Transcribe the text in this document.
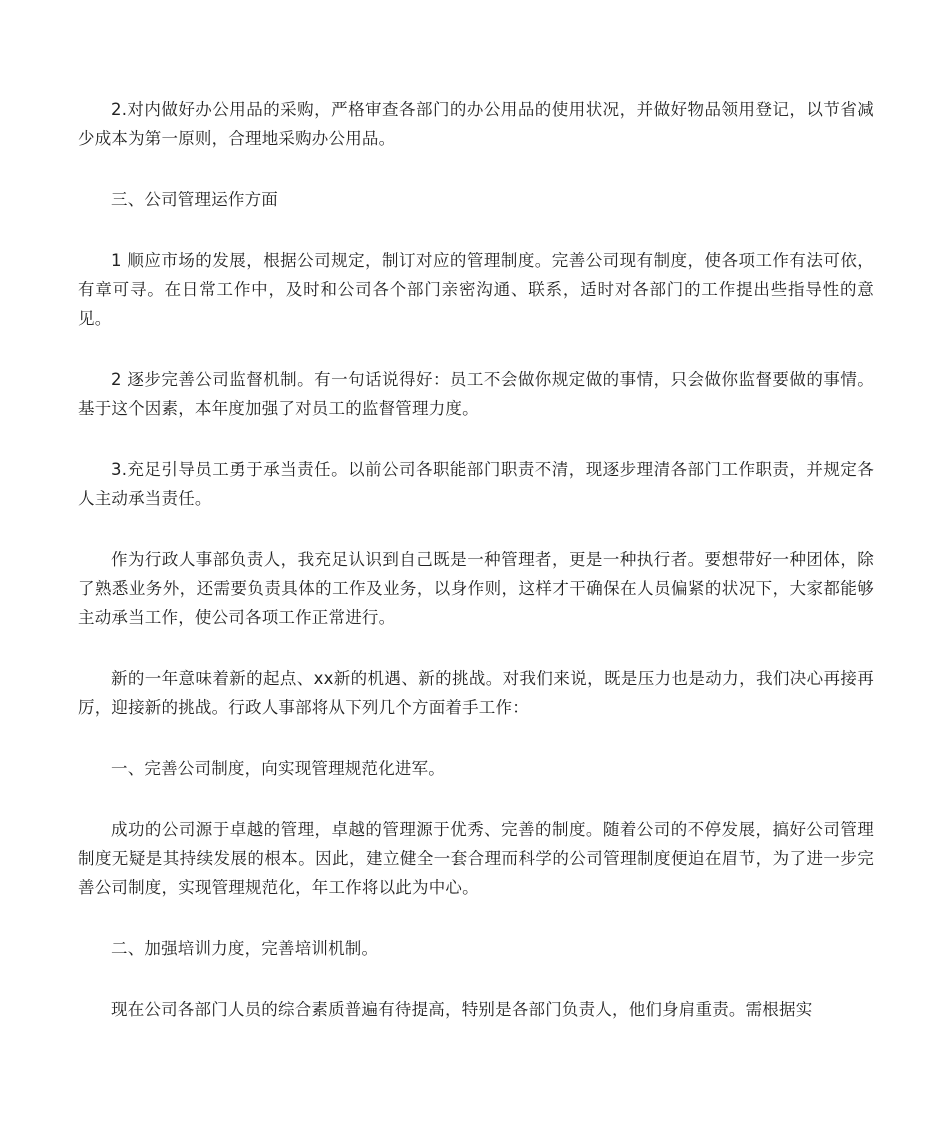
2.对内做好办公用品的采购，严格审查各部门的办公用品的使用状况，并做好物品领用登记，以节省减少成本为第一原则，合理地采购办公用品。

三、公司管理运作方面

1 顺应市场的发展，根据公司规定，制订对应的管理制度。完善公司现有制度，使各项工作有法可依，有章可寻。在日常工作中，及时和公司各个部门亲密沟通、联系，适时对各部门的工作提出些指导性的意见。

2 逐步完善公司监督机制。有一句话说得好：员工不会做你规定做的事情，只会做你监督要做的事情。基于这个因素，本年度加强了对员工的监督管理力度。

3.充足引导员工勇于承当责任。以前公司各职能部门职责不清，现逐步理清各部门工作职责，并规定各人主动承当责任。

作为行政人事部负责人，我充足认识到自己既是一种管理者，更是一种执行者。要想带好一种团体，除了熟悉业务外，还需要负责具体的工作及业务，以身作则，这样才干确保在人员偏紧的状况下，大家都能够主动承当工作，使公司各项工作正常进行。

新的一年意味着新的起点、xx新的机遇、新的挑战。对我们来说，既是压力也是动力，我们决心再接再厉，迎接新的挑战。行政人事部将从下列几个方面着手工作：

一、完善公司制度，向实现管理规范化进军。

成功的公司源于卓越的管理，卓越的管理源于优秀、完善的制度。随着公司的不停发展，搞好公司管理制度无疑是其持续发展的根本。因此，建立健全一套合理而科学的公司管理制度便迫在眉节，为了进一步完善公司制度，实现管理规范化，年工作将以此为中心。

二、加强培训力度，完善培训机制。

现在公司各部门人员的综合素质普遍有待提高，特别是各部门负责人，他们身肩重责。需根据实
